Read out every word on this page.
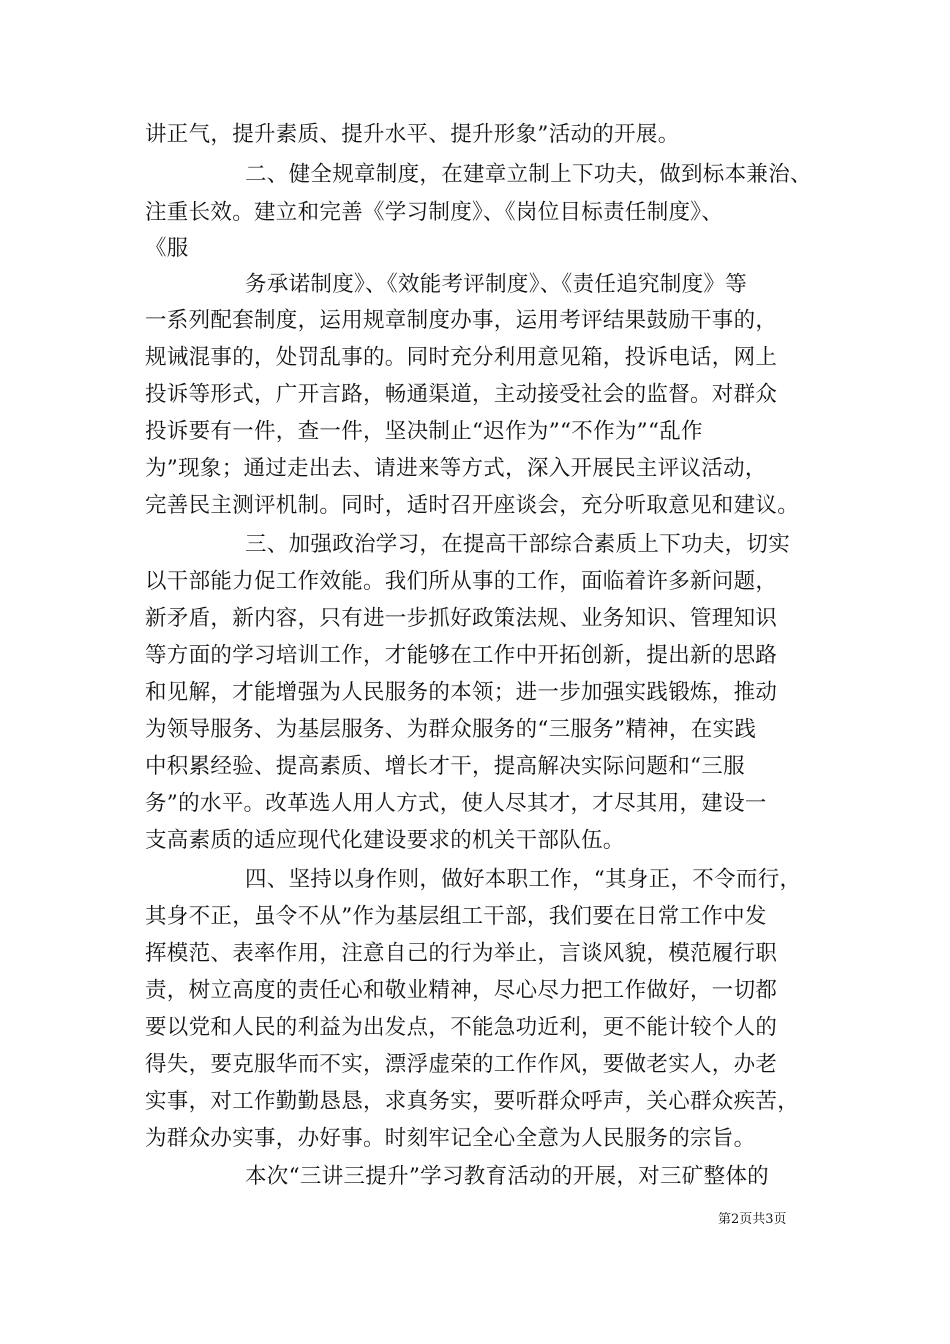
讲正气，提升素质、提升水平、提升形象”活动的开展。
二、健全规章制度，在建章立制上下功夫，做到标本兼治、
注重长效。建立和完善《学习制度》、《岗位目标责任制度》、
《服
务承诺制度》、《效能考评制度》、《责任追究制度》等
一系列配套制度，运用规章制度办事，运用考评结果鼓励干事的，
规诫混事的，处罚乱事的。同时充分利用意见箱，投诉电话，网上
投诉等形式，广开言路，畅通渠道，主动接受社会的监督。对群众
投诉要有一件，查一件，坚决制止“迟作为”“不作为”“乱作
为”现象；通过走出去、请进来等方式，深入开展民主评议活动，
完善民主测评机制。同时，适时召开座谈会，充分听取意见和建议。
三、加强政治学习，在提高干部综合素质上下功夫，切实
以干部能力促工作效能。我们所从事的工作，面临着许多新问题，
新矛盾，新内容，只有进一步抓好政策法规、业务知识、管理知识
等方面的学习培训工作，才能够在工作中开拓创新，提出新的思路
和见解，才能增强为人民服务的本领；进一步加强实践锻炼，推动
为领导服务、为基层服务、为群众服务的“三服务”精神，在实践
中积累经验、提高素质、增长才干，提高解决实际问题和“三服
务”的水平。改革选人用人方式，使人尽其才，才尽其用，建设一
支高素质的适应现代化建设要求的机关干部队伍。
四、坚持以身作则，做好本职工作，“其身正，不令而行，
其身不正，虽令不从”作为基层组工干部，我们要在日常工作中发
挥模范、表率作用，注意自己的行为举止，言谈风貌，模范履行职
责，树立高度的责任心和敬业精神，尽心尽力把工作做好，一切都
要以党和人民的利益为出发点，不能急功近利，更不能计较个人的
得失，要克服华而不实，漂浮虚荣的工作作风，要做老实人，办老
实事，对工作勤勤恳恳，求真务实，要听群众呼声，关心群众疾苦，
为群众办实事，办好事。时刻牢记全心全意为人民服务的宗旨。
本次“三讲三提升”学习教育活动的开展，对三矿整体的
第2页共3页
